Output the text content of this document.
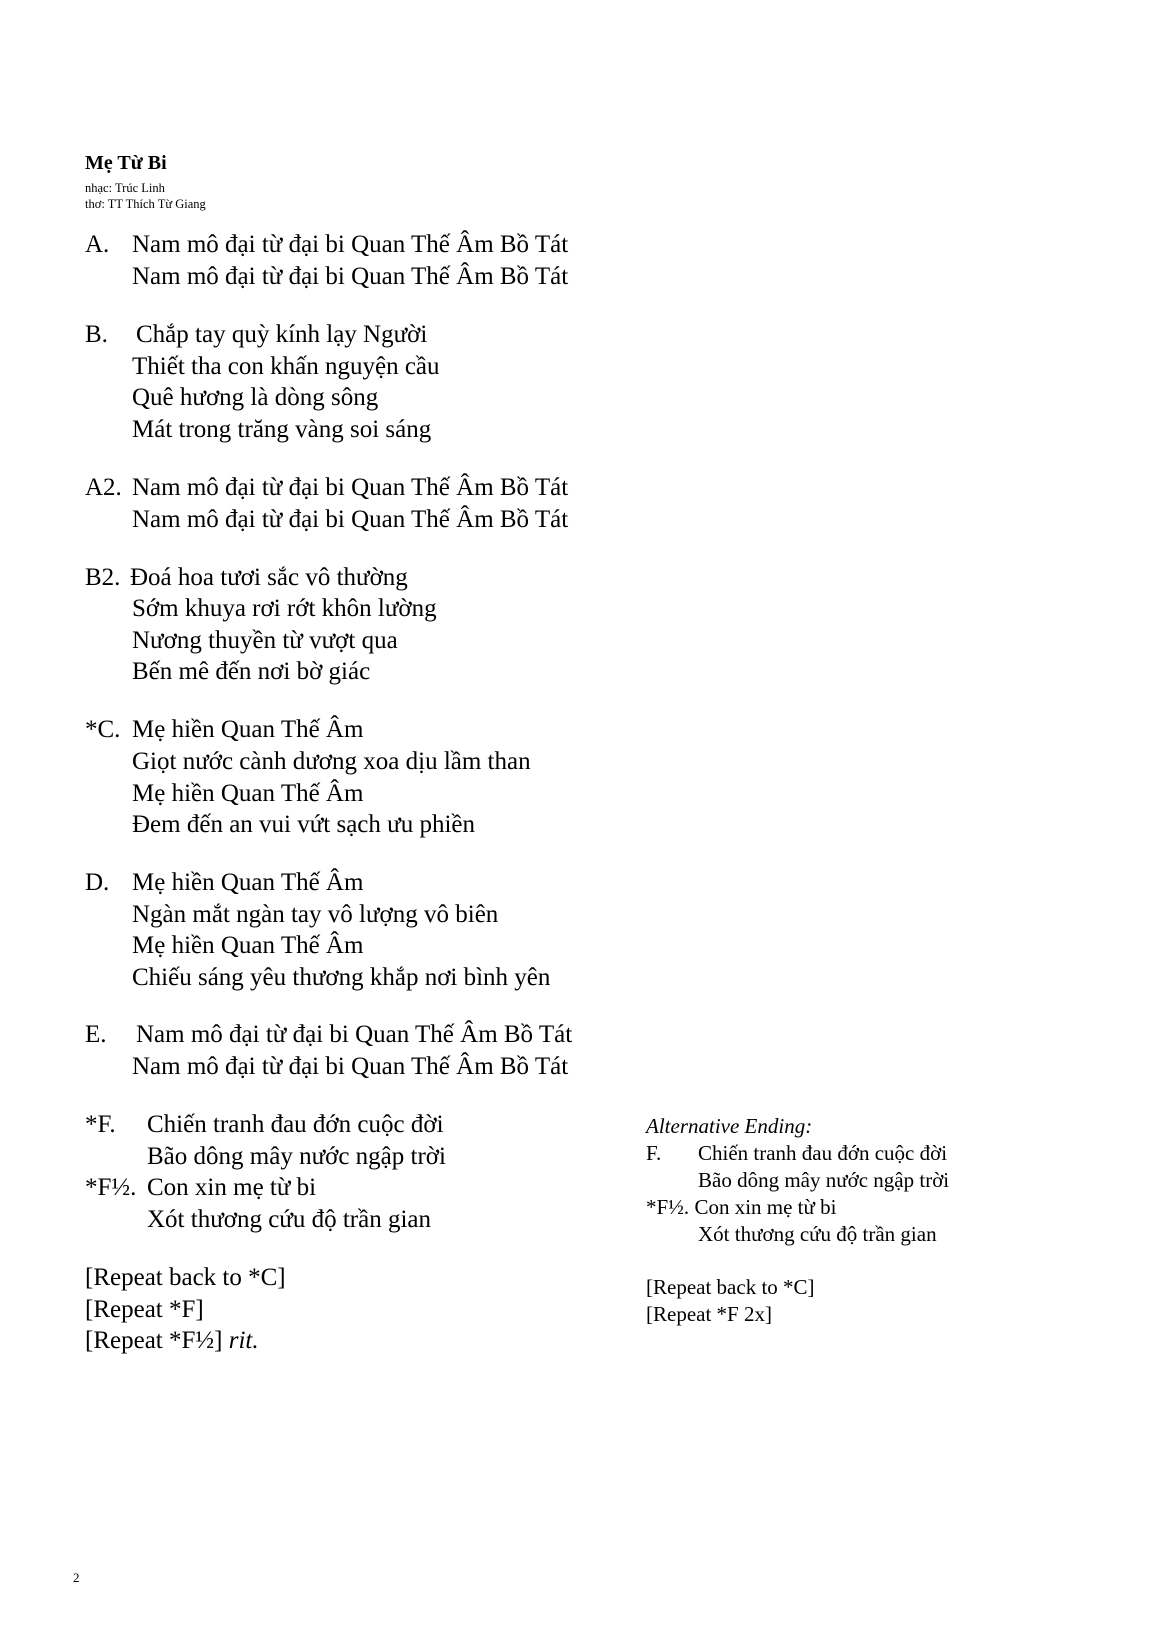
Mẹ Từ Bi
nhạc: Trúc Linh
thơ: TT Thích Từ Giang
A. Nam mô đại từ đại bi Quan Thế Âm Bồ Tát
Nam mô đại từ đại bi Quan Thế Âm Bồ Tát
B. Chắp tay quỳ kính lạy Người
Thiết tha con khấn nguyện cầu
Quê hương là dòng sông
Mát trong trăng vàng soi sáng
A2. Nam mô đại từ đại bi Quan Thế Âm Bồ Tát
Nam mô đại từ đại bi Quan Thế Âm Bồ Tát
B2. Đoá hoa tươi sắc vô thường
Sớm khuya rơi rớt khôn lường
Nương thuyền từ vượt qua
Bến mê đến nơi bờ giác
*C. Mẹ hiền Quan Thế Âm
Giọt nước cành dương xoa dịu lầm than
Mẹ hiền Quan Thế Âm
Đem đến an vui vứt sạch ưu phiền
D. Mẹ hiền Quan Thế Âm
Ngàn mắt ngàn tay vô lượng vô biên
Mẹ hiền Quan Thế Âm
Chiếu sáng yêu thương khắp nơi bình yên
E. Nam mô đại từ đại bi Quan Thế Âm Bồ Tát
Nam mô đại từ đại bi Quan Thế Âm Bồ Tát
*F. Chiến tranh đau đớn cuộc đời
Bão dông mây nước ngập trời
*F½. Con xin mẹ từ bi
Xót thương cứu độ trần gian
[Repeat back to *C]
[Repeat *F]
[Repeat *F½] rit.
Alternative Ending:
F. Chiến tranh đau đớn cuộc đời
Bão dông mây nước ngập trời
*F½. Con xin mẹ từ bi
Xót thương cứu độ trần gian
[Repeat back to *C]
[Repeat *F 2x]
2
